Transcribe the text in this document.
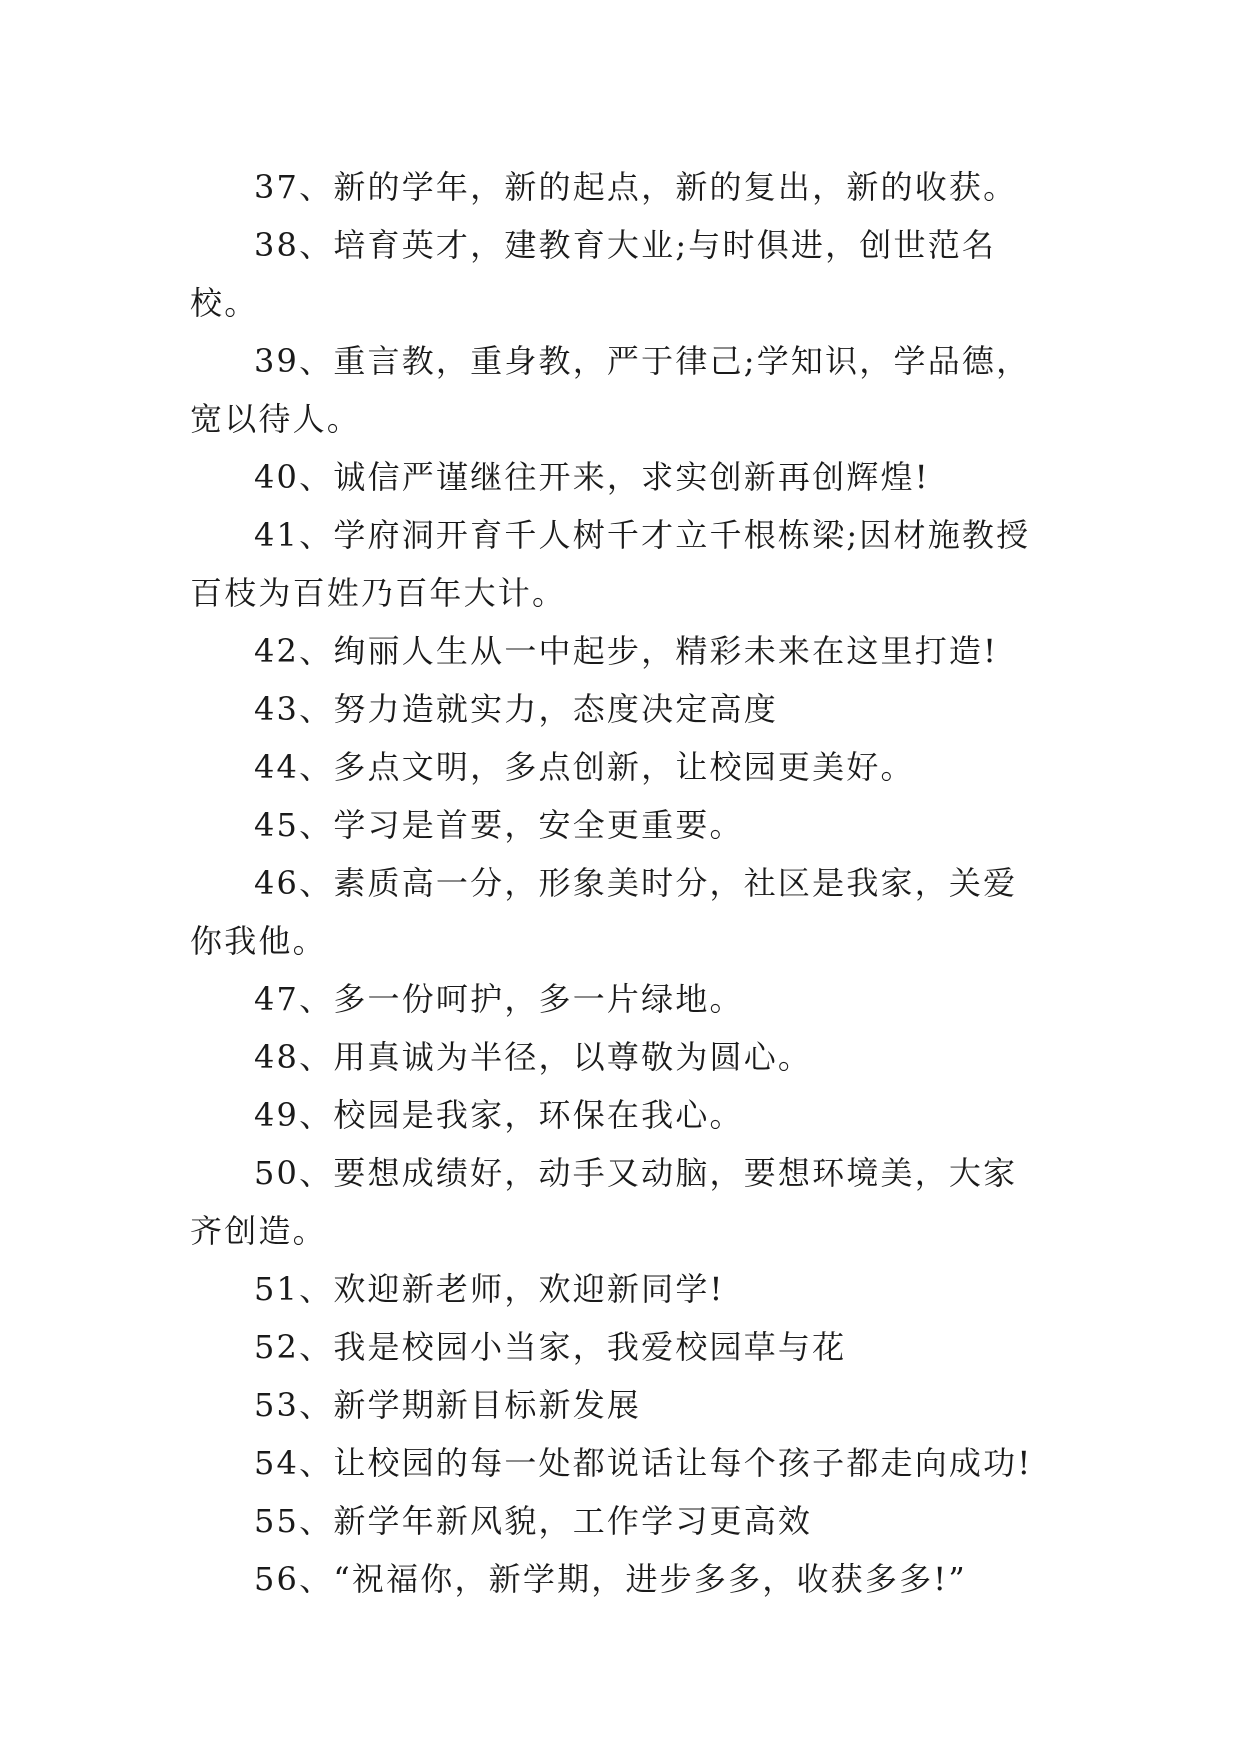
37、新的学年，新的起点，新的复出，新的收获。

38、培育英才，建教育大业;与时俱进，创世范名校。

39、重言教，重身教，严于律己;学知识，学品德，宽以待人。

40、诚信严谨继往开来，求实创新再创辉煌!

41、学府洞开育千人树千才立千根栋梁;因材施教授百枝为百姓乃百年大计。

42、绚丽人生从一中起步，精彩未来在这里打造!

43、努力造就实力，态度决定高度

44、多点文明，多点创新，让校园更美好。

45、学习是首要，安全更重要。

46、素质高一分，形象美时分，社区是我家，关爱你我他。

47、多一份呵护，多一片绿地。

48、用真诚为半径，以尊敬为圆心。

49、校园是我家，环保在我心。

50、要想成绩好，动手又动脑，要想环境美，大家齐创造。

51、欢迎新老师，欢迎新同学!

52、我是校园小当家，我爱校园草与花

53、新学期新目标新发展

54、让校园的每一处都说话让每个孩子都走向成功!

55、新学年新风貌，工作学习更高效

56、“祝福你，新学期，进步多多，收获多多!”
